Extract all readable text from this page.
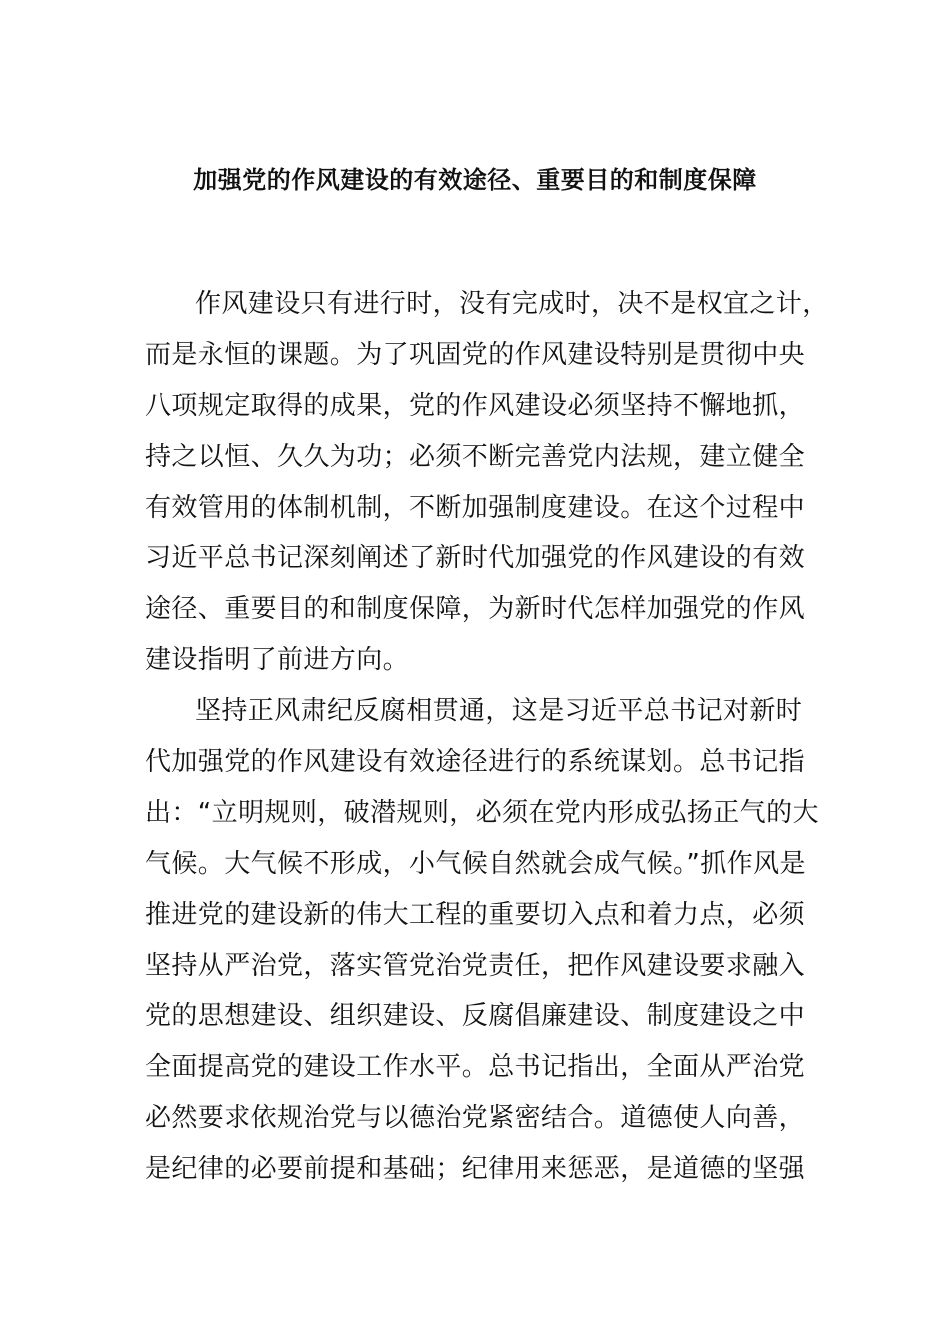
加强党的作风建设的有效途径、重要目的和制度保障
作风建设只有进行时，没有完成时，决不是权宜之计，
而是永恒的课题。为了巩固党的作风建设特别是贯彻中央
八项规定取得的成果，党的作风建设必须坚持不懈地抓，
持之以恒、久久为功；必须不断完善党内法规，建立健全
有效管用的体制机制，不断加强制度建设。在这个过程中
习近平总书记深刻阐述了新时代加强党的作风建设的有效
途径、重要目的和制度保障，为新时代怎样加强党的作风
建设指明了前进方向。
坚持正风肃纪反腐相贯通，这是习近平总书记对新时
代加强党的作风建设有效途径进行的系统谋划。总书记指
出：“立明规则，破潜规则，必须在党内形成弘扬正气的大
气候。大气候不形成，小气候自然就会成气候。”抓作风是
推进党的建设新的伟大工程的重要切入点和着力点，必须
坚持从严治党，落实管党治党责任，把作风建设要求融入
党的思想建设、组织建设、反腐倡廉建设、制度建设之中
全面提高党的建设工作水平。总书记指出，全面从严治党
必然要求依规治党与以德治党紧密结合。道德使人向善，
是纪律的必要前提和基础；纪律用来惩恶，是道德的坚强
